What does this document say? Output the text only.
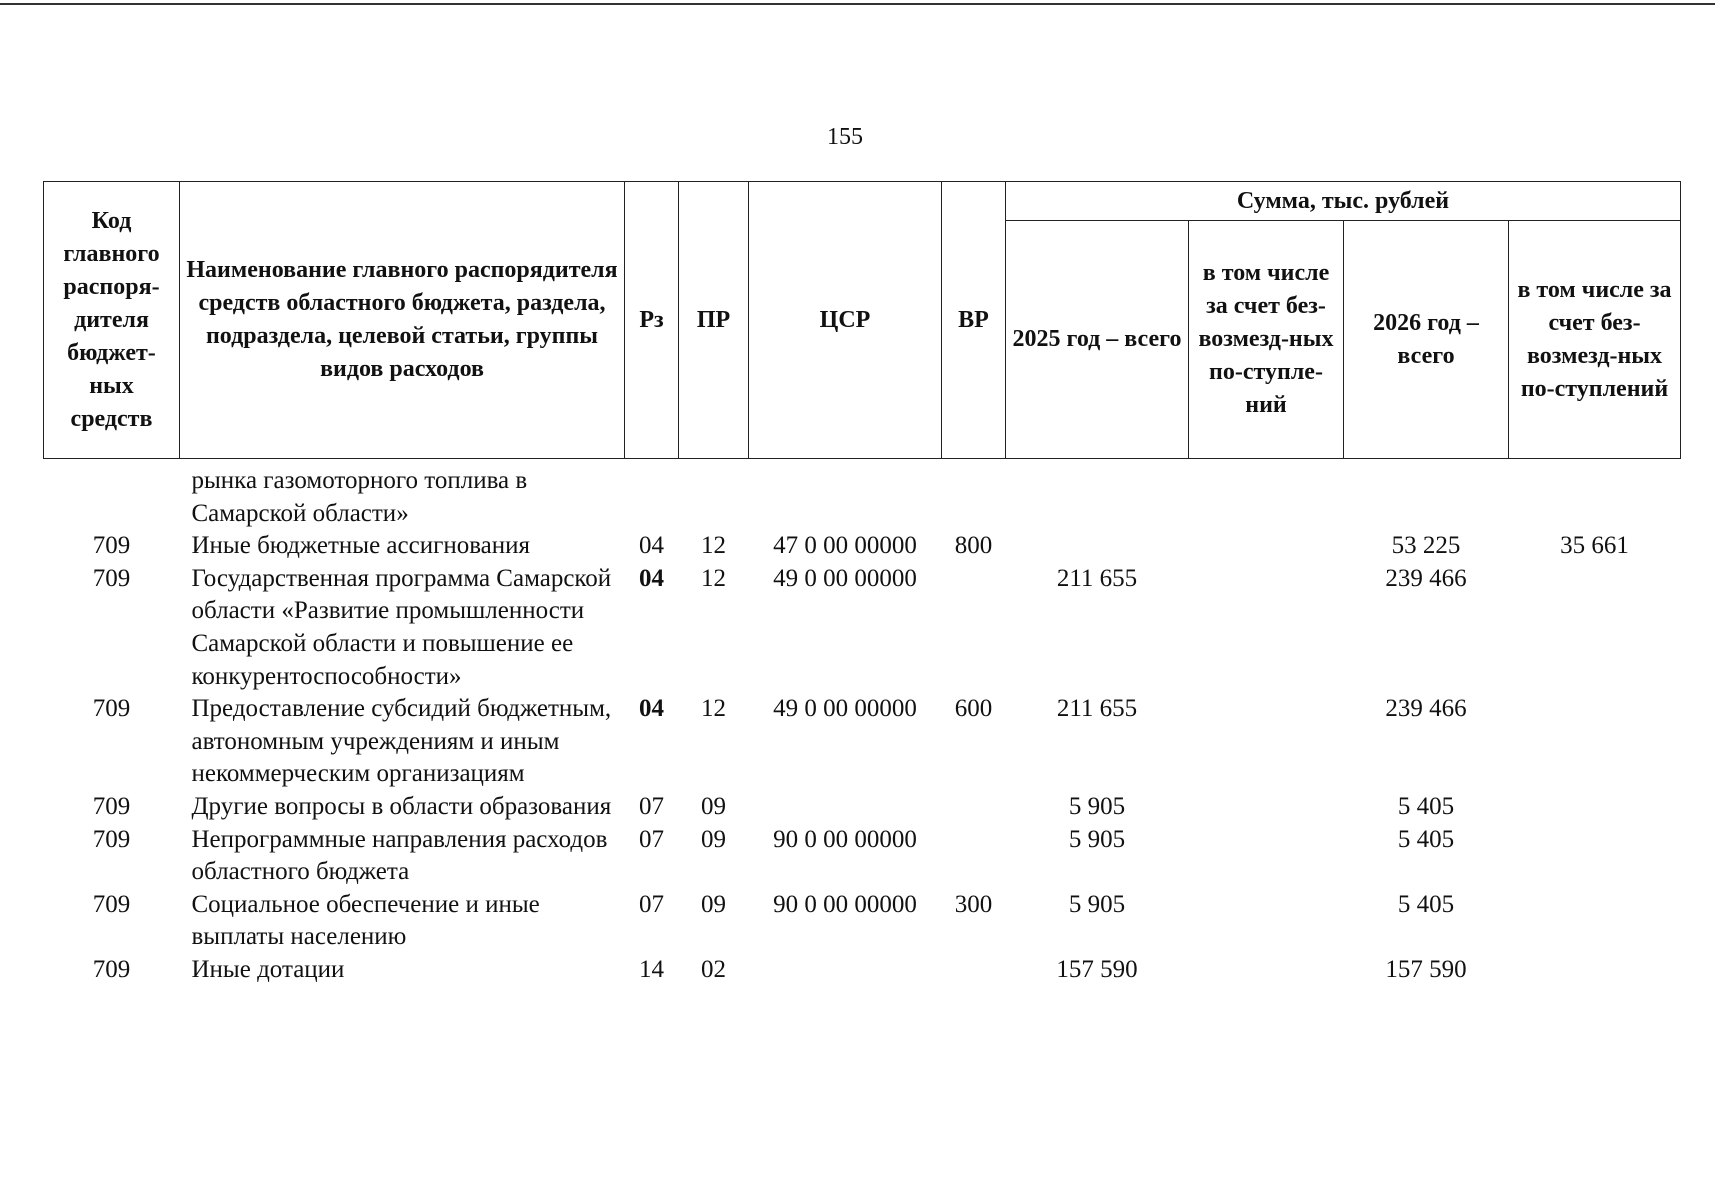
155
Код главного распоря-дителя бюджет-ных средств	Наименование главного распорядителя средств областного бюджета, раздела, подраздела, целевой статьи, группы видов расходов	Рз	ПР	ЦСР	ВР	Сумма, тыс. рублей			
						2025 год – всего	в том числе за счет без-возмезд-ных по-ступле-ний	2026 год – всего	в том числе за счет без-возмезд-ных по-ступлений
	рынка газомоторного топлива в Самарской области»								
709	Иные бюджетные ассигнования	04	12	47 0 00 00000	800			53 225	35 661
709	Государственная программа Самарской области «Развитие промышленности Самарской области и повышение ее конкурентоспособности»	04	12	49 0 00 00000		211 655		239 466	
709	Предоставление субсидий бюджетным, автономным учреждениям и иным некоммерческим организациям	04	12	49 0 00 00000	600	211 655		239 466	
709	Другие вопросы в области образования	07	09			5 905		5 405	
709	Непрограммные направления расходов областного бюджета	07	09	90 0 00 00000		5 905		5 405	
709	Социальное обеспечение и иные выплаты населению	07	09	90 0 00 00000	300	5 905		5 405	
709	Иные дотации	14	02			157 590		157 590	
